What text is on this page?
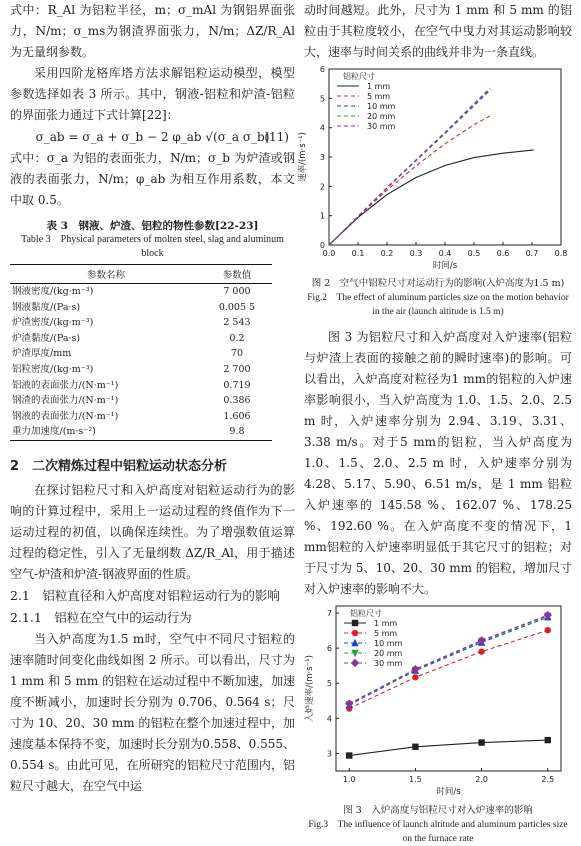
式中：R_Al 为铝粒半径，m；σ_mAl 为钢铝界面张力，N/m；σ_ms为钢渣界面张力，N/m；ΔZ/R_Al 为无量纲参数。

采用四阶龙格库塔方法求解铝粒运动模型，模型参数选择如表 3 所示。其中，钢液-铝粒和炉渣-铝粒的界面张力通过下式计算[22]：

σ_ab = σ_a + σ_b − 2 φ_ab √(σ_a σ_b)
(11)

式中：σ_a 为铝的表面张力，N/m；σ_b 为炉渣或钢液的表面张力，N/m；φ_ab 为相互作用系数，本文中取 0.5。

表 3　钢液、炉渣、铝粒的物性参数[22-23]
Table 3　Physical parameters of molten steel, slag and aluminum block
参数名称	参数值
钢液密度/(kg·m⁻³)	7 000
钢液黏度/(Pa·s)	0.005 5
炉渣密度/(kg·m⁻³)	2 543
炉渣黏度/(Pa·s)	0.2
炉渣厚度/mm	70
铝粒密度/(kg·m⁻³)	2 700
铝液的表面张力/(N·m⁻¹)	0.719
钢渣的表面张力/(N·m⁻¹)	0.386
钢液的表面张力/(N·m⁻¹)	1.606
重力加速度/(m·s⁻²)	9.8
2　二次精炼过程中铝粒运动状态分析

在探讨铝粒尺寸和入炉高度对铝粒运动行为的影响的计算过程中，采用上一运动过程的终值作为下一运动过程的初值，以确保连续性。为了增强数值运算过程的稳定性，引入了无量纲数 ΔZ/R_Al，用于描述空气-炉渣和炉渣-钢液界面的性质。

2.1　铝粒直径和入炉高度对铝粒运动行为的影响
2.1.1　铝粒在空气中的运动行为

当入炉高度为1.5 m时，空气中不同尺寸铝粒的速率随时间变化曲线如图 2 所示。可以看出，尺寸为 1 mm 和 5 mm 的铝粒在运动过程中不断加速，加速度不断减小，加速时长分别为 0.706、0.564 s；尺寸为 10、20、30 mm 的铝粒在整个加速过程中，加速度基本保持不变，加速时长分别为0.558、0.555、0.554 s。由此可见，在所研究的铝粒尺寸范围内，铝粒尺寸越大，在空气中运

动时间越短。此外，尺寸为 1 mm 和 5 mm 的铝粒由于其粒度较小，在空气中曳力对其运动影响较大，速率与时间关系的曲线并非为一条直线。

0.0 0.1 0.2 0.3 0.4 0.5 0.6 0.7 0.8
0
1
2
3
4
5
6
时间/s
速率/(m·s⁻¹)
铝粒尺寸
1 mm
5 mm
10 mm
20 mm
30 mm
图 2　空气中铝粒尺寸对运动行为的影响(入炉高度为1.5 m)
Fig.2　The effect of aluminum particles size on the motion behavior in the air (launch altitude is 1.5 m)

图 3 为铝粒尺寸和入炉高度对入炉速率(铝粒与炉渣上表面的接触之前的瞬时速率)的影响。可以看出，入炉高度对粒径为1 mm的铝粒的入炉速率影响很小，当入炉高度为 1.0、1.5、2.0、2.5 m 时，入炉速率分别为 2.94、3.19、3.31、3.38 m/s。对于5 mm的铝粒，当入炉高度为 1.0、1.5、2.0、2.5 m 时，入炉速率分别为 4.28、5.17、5.90、6.51 m/s，是 1 mm 铝粒入炉速率的 145.58 %、162.07 %、178.25 %、192.60 %。在入炉高度不变的情况下，1 mm铝粒的入炉速率明显低于其它尺寸的铝粒；对于尺寸为 5、10、20、30 mm 的铝粒，增加尺寸对入炉速率的影响不大。

1.0	1.5	2.0	2.5
3
4
5
6
7
时间/s
入炉速率/(m·s⁻¹)
铝粒尺寸
1 mm
5 mm
10 mm
20 mm
30 mm
图 3　入炉高度与铝粒尺寸对入炉速率的影响
Fig.3　The influence of launch altitude and aluminum particles size on the furnace rate
